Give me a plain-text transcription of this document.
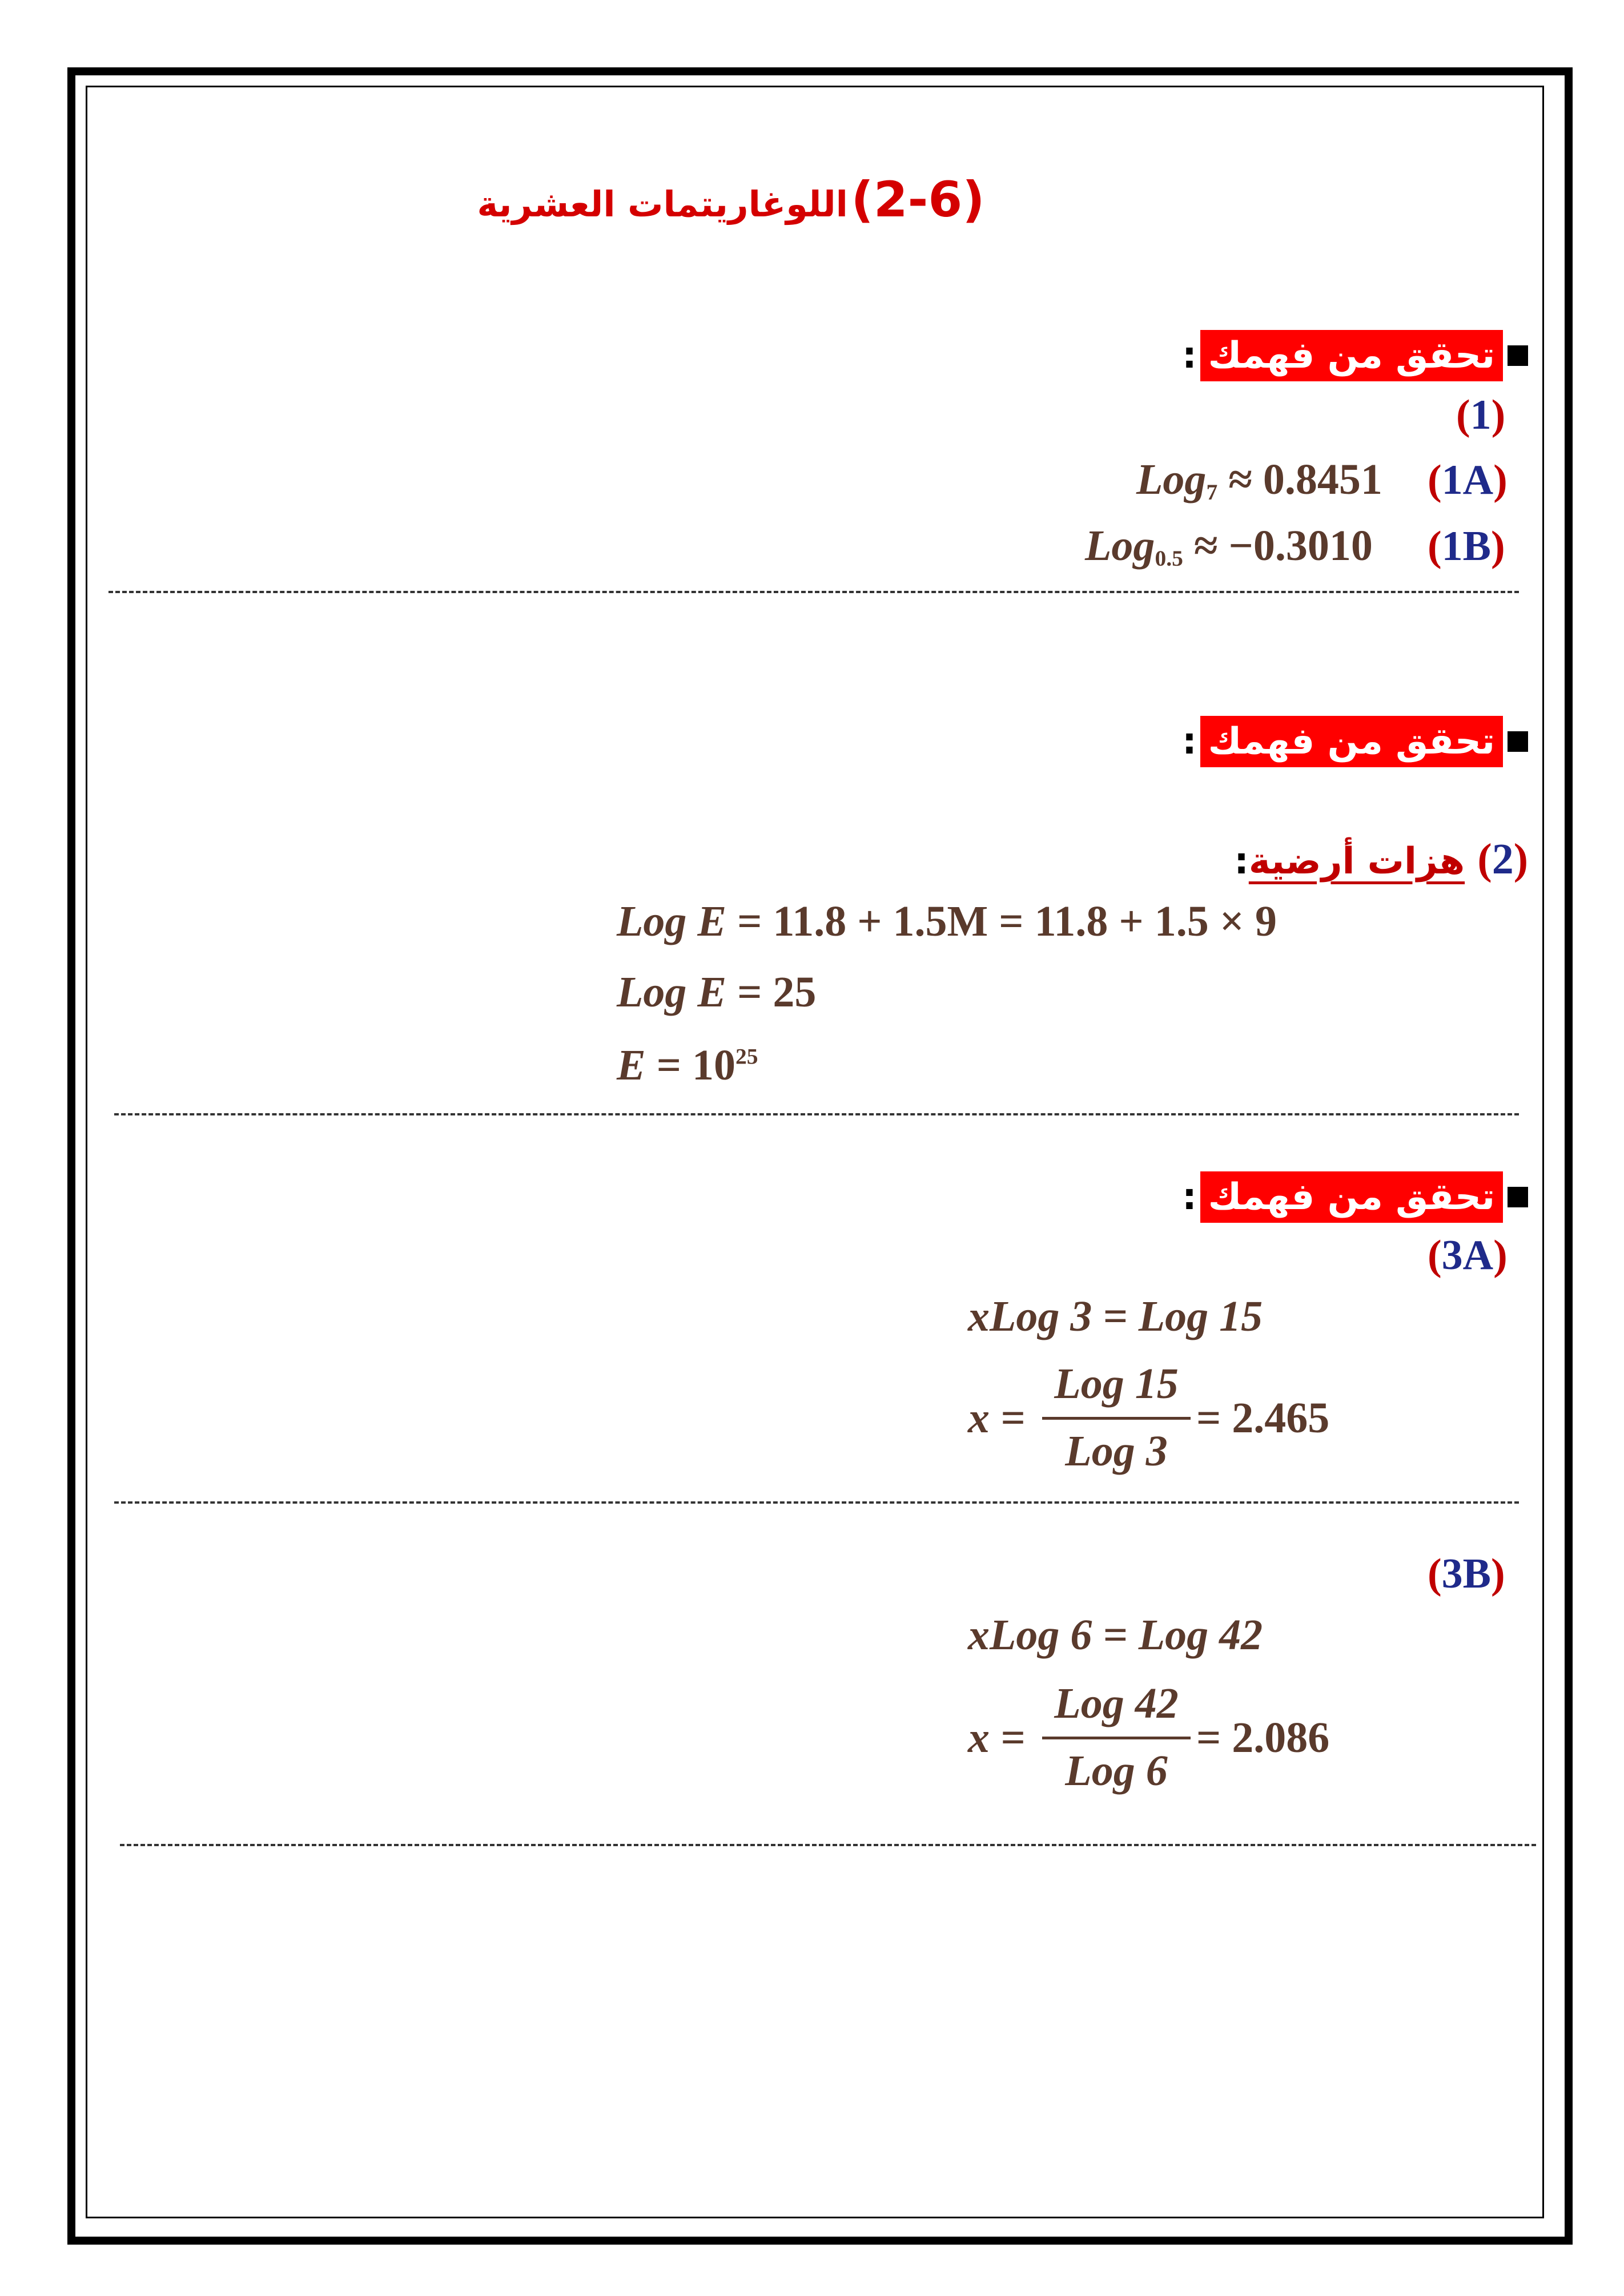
(2-6) اللوغاريتمات العشرية
تحقق من فهمك
:
(1)
Log$_7$ ≈ 0.8451 (1A)
Log$_{0.5}$ ≈ −0.3010 (1B)
تحقق من فهمك
:
(2) هزات أرضية:
Log E = 11.8 + 1.5M = 11.8 + 1.5 × 9
Log E = 25
$E = 10^{25}$
تحقق من فهمك
:
(3A)
xLog 3 = Log 15
x =
Log 15
Log 3
= 2.465
(3B)
xLog 6 = Log 42
x =
Log 42
Log 6
= 2.086
